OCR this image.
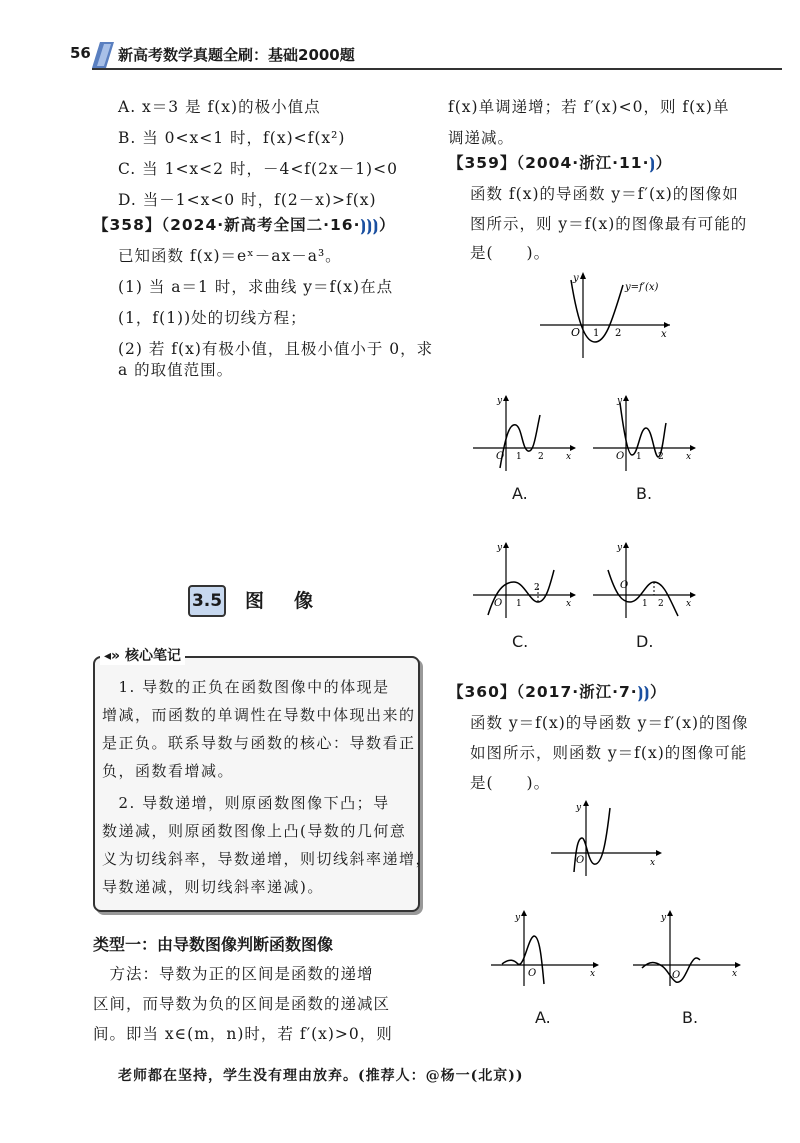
56 新高考数学真题全刷：基础2000题
A. x＝3 是 f(x)的极小值点
B. 当 0<x<1 时，f(x)<f(x²)
C. 当 1<x<2 时，－4<f(2x－1)<0
D. 当－1<x<0 时，f(2－x)>f(x)
【358】（2024·新高考全国二·16·⦘⦘⦘）
已知函数 f(x)＝eˣ－ax－a³。
(1) 当 a＝1 时，求曲线 y＝f(x)在点
(1，f(1))处的切线方程；
(2) 若 f(x)有极小值，且极小值小于 0，求
a 的取值范围。
3.5 图像
◂» 核心笔记
　1. 导数的正负在函数图像中的体现是
增减，而函数的单调性在导数中体现出来的
是正负。联系导数与函数的核心：导数看正
负，函数看增减。
　2. 导数递增，则原函数图像下凸；导
数递减，则原函数图像上凸(导数的几何意
义为切线斜率，导数递增，则切线斜率递增，
导数递减，则切线斜率递减)。
类型一：由导数图像判断函数图像
　方法：导数为正的区间是函数的递增
区间，而导数为负的区间是函数的递减区
间。即当 x∈(m，n)时，若 f′(x)>0，则
f(x)单调递增；若 f′(x)<0，则 f(x)单
调递减。
【359】（2004·浙江·11·⦘）
函数 f(x)的导函数 y＝f′(x)的图像如
图所示，则 y＝f(x)的图像最有可能的
是(　　)。
O 1 2	x
y
y=f′(x)
O 1 2 x
y
A.
O 1 2 x
y
B.
O 1
2
x
y
C.
O
1 2 x
y
D.
【360】（2017·浙江·7·⦘⦘）
函数 y＝f(x)的导函数 y＝f′(x)的图像
如图所示，则函数 y＝f(x)的图像可能
是(　　)。
O	x
y
O	x
y
A.
O	x
y
B.
老师都在坚持，学生没有理由放弃。(推荐人：@杨一(北京))
